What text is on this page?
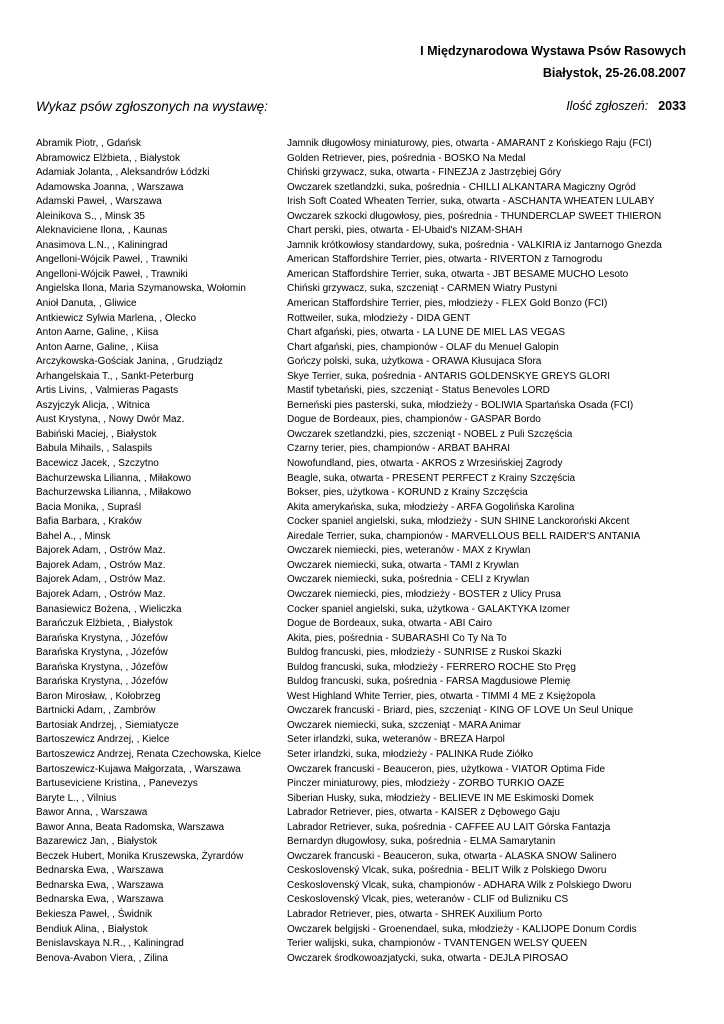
I Międzynarodowa Wystawa Psów Rasowych
Białystok, 25-26.08.2007
Wykaz psów zgłoszonych na wystawę:	Ilość zgłoszeń: 2033
Abramik Piotr, , Gdańsk	Jamnik długowłosy miniaturowy, pies, otwarta - AMARANT z Końskiego Raju (FCI)
Abramowicz Elżbieta, , Białystok	Golden Retriever, pies, pośrednia - BOSKO Na Medal
Adamiak Jolanta, , Aleksandrów Łódzki	Chiński grzywacz, suka, otwarta - FINEZJA z Jastrzębiej Góry
Adamowska Joanna, , Warszawa	Owczarek szetlandzki, suka, pośrednia - CHILLI ALKANTARA Magiczny Ogród
Adamski Paweł, , Warszawa	Irish Soft Coated Wheaten Terrier, suka, otwarta - ASCHANTA WHEATEN LULABY
Aleinikova S., , Minsk 35	Owczarek szkocki długowłosy, pies, pośrednia - THUNDERCLAP SWEET THIERON
Aleknaviciene Ilona, , Kaunas	Chart perski, pies, otwarta - El-Ubaid's NIZAM-SHAH
Anasimova L.N., , Kaliningrad	Jamnik krótkowłosy standardowy, suka, pośrednia - VALKIRIA iz Jantarnogo Gnezda
Angelloni-Wójcik Paweł, , Trawniki	American Staffordshire Terrier, pies, otwarta - RIVERTON z Tarnogrodu
Angelloni-Wójcik Paweł, , Trawniki	American Staffordshire Terrier, suka, otwarta - JBT BESAME MUCHO Lesoto
Angielska Ilona, Maria Szymanowska, Wołomin	Chiński grzywacz, suka, szczeniąt - CARMEN Wiatry Pustyni
Anioł Danuta, , Gliwice	American Staffordshire Terrier, pies, młodzieży - FLEX Gold Bonzo (FCI)
Antkiewicz Sylwia Marlena, , Olecko	Rottweiler, suka, młodzieży - DIDA GENT
Anton Aarne, Galine, , Kiisa	Chart afgański, pies, otwarta - LA LUNE DE MIEL LAS VEGAS
Anton Aarne, Galine, , Kiisa	Chart afgański, pies, championów - OLAF du Menuel Galopin
Arczykowska-Gościak Janina, , Grudziądz	Gończy polski, suka, użytkowa - ORAWA Kłusujaca Sfora
Arhangelskaia T., , Sankt-Peterburg	Skye Terrier, suka, pośrednia - ANTARIS GOLDENSKYE GREYS GLORI
Artis Livins, , Valmieras Pagasts	Mastif tybetański, pies, szczeniąt - Status Benevoles LORD
Aszyjczyk Alicja, , Witnica	Berneński pies pasterski, suka, młodzieży - BOLIWIA Spartańska Osada (FCI)
Aust Krystyna, , Nowy Dwór Maz.	Dogue de Bordeaux, pies, championów - GASPAR Bordo
Babiński Maciej, , Białystok	Owczarek szetlandzki, pies, szczeniąt - NOBEL z Puli Szczęścia
Babula Mihails, , Salaspils	Czarny terier, pies, championów - ARBAT BAHRAI
Bacewicz Jacek, , Szczytno	Nowofundland, pies, otwarta - AKROS z Wrzesińskiej Zagrody
Bachurzewska Lilianna, , Miłakowo	Beagle, suka, otwarta - PRESENT PERFECT z Krainy Szczęścia
Bachurzewska Lilianna, , Miłakowo	Bokser, pies, użytkowa - KORUND z Krainy Szczęścia
Bacia Monika, , Supraśl	Akita amerykańska, suka, młodzieży - ARFA Gogolińska Karolina
Bafia Barbara, , Kraków	Cocker spaniel angielski, suka, młodzieży - SUN SHINE Lanckoroński Akcent
Bahel A., , Minsk	Airedale Terrier, suka, championów - MARVELLOUS BELL RAIDER'S ANTANIA
Bajorek Adam, , Ostrów Maz.	Owczarek niemiecki, pies, weteranów - MAX z Krywlan
Bajorek Adam, , Ostrów Maz.	Owczarek niemiecki, suka, otwarta - TAMI z Krywlan
Bajorek Adam, , Ostrów Maz.	Owczarek niemiecki, suka, pośrednia - CELI z Krywlan
Bajorek Adam, , Ostrów Maz.	Owczarek niemiecki, pies, młodzieży - BOSTER z Ulicy Prusa
Banasiewicz Bożena, , Wieliczka	Cocker spaniel angielski, suka, użytkowa - GALAKTYKA Izomer
Barańczuk Elżbieta, , Białystok	Dogue de Bordeaux, suka, otwarta - ABI Cairo
Barańska Krystyna, , Józefów	Akita, pies, pośrednia - SUBARASHI Co Ty Na To
Barańska Krystyna, , Józefów	Buldog francuski, pies, młodzieży - SUNRISE z Ruskoi Skazki
Barańska Krystyna, , Józefów	Buldog francuski, suka, młodzieży - FERRERO ROCHE Sto Pręg
Barańska Krystyna, , Józefów	Buldog francuski, suka, pośrednia - FARSA Magdusiowe Plemię
Baron Mirosław, , Kołobrzeg	West Highland White Terrier, pies, otwarta - TIMMI 4 ME z Księżopola
Bartnicki Adam, , Zambrów	Owczarek francuski - Briard, pies, szczeniąt - KING OF LOVE Un Seul Unique
Bartosiak Andrzej, , Siemiatycze	Owczarek niemiecki, suka, szczeniąt - MARA Animar
Bartoszewicz Andrzej, , Kielce	Seter irlandzki, suka, weteranów - BREZA Harpol
Bartoszewicz Andrzej, Renata Czechowska, Kielce	Seter irlandzki, suka, młodzieży - PALINKA Rude Ziółko
Bartoszewicz-Kujawa Małgorzata, , Warszawa	Owczarek francuski - Beauceron, pies, użytkowa - VIATOR Optima Fide
Bartuseviciene Kristina, , Panevezys	Pinczer miniaturowy, pies, młodzieży - ZORBO TURKIO OAZE
Baryte L., , Vilnius	Siberian Husky, suka, młodzieży - BELIEVE IN ME Eskimoski Domek
Bawor Anna, , Warszawa	Labrador Retriever, pies, otwarta - KAISER z Dębowego Gaju
Bawor Anna, Beata Radomska, Warszawa	Labrador Retriever, suka, pośrednia - CAFFEE AU LAIT Górska Fantazja
Bazarewicz Jan, , Białystok	Bernardyn długowłosy, suka, pośrednia - ELMA Samarytanin
Beczek Hubert, Monika Kruszewska, Żyrardów	Owczarek francuski - Beauceron, suka, otwarta - ALASKA SNOW Salinero
Bednarska Ewa, , Warszawa	Ceskoslovenský Vlcak, suka, pośrednia - BELIT Wilk z Polskiego Dworu
Bednarska Ewa, , Warszawa	Ceskoslovenský Vlcak, suka, championów - ADHARA Wilk z Polskiego Dworu
Bednarska Ewa, , Warszawa	Ceskoslovenský Vlcak, pies, weteranów - CLIF od Bulizniku CS
Bekiesza Paweł, , Świdnik	Labrador Retriever, pies, otwarta - SHREK Auxilium Porto
Bendiuk Alina, , Białystok	Owczarek belgijski - Groenendael, suka, młodzieży - KALIJOPE Donum Cordis
Benislavskaya N.R., , Kaliningrad	Terier walijski, suka, championów - TVANTENGEN WELSY QUEEN
Benova-Avabon Viera, , Zilina	Owczarek środkowoazjatycki, suka, otwarta - DEJLA PIROSAO
